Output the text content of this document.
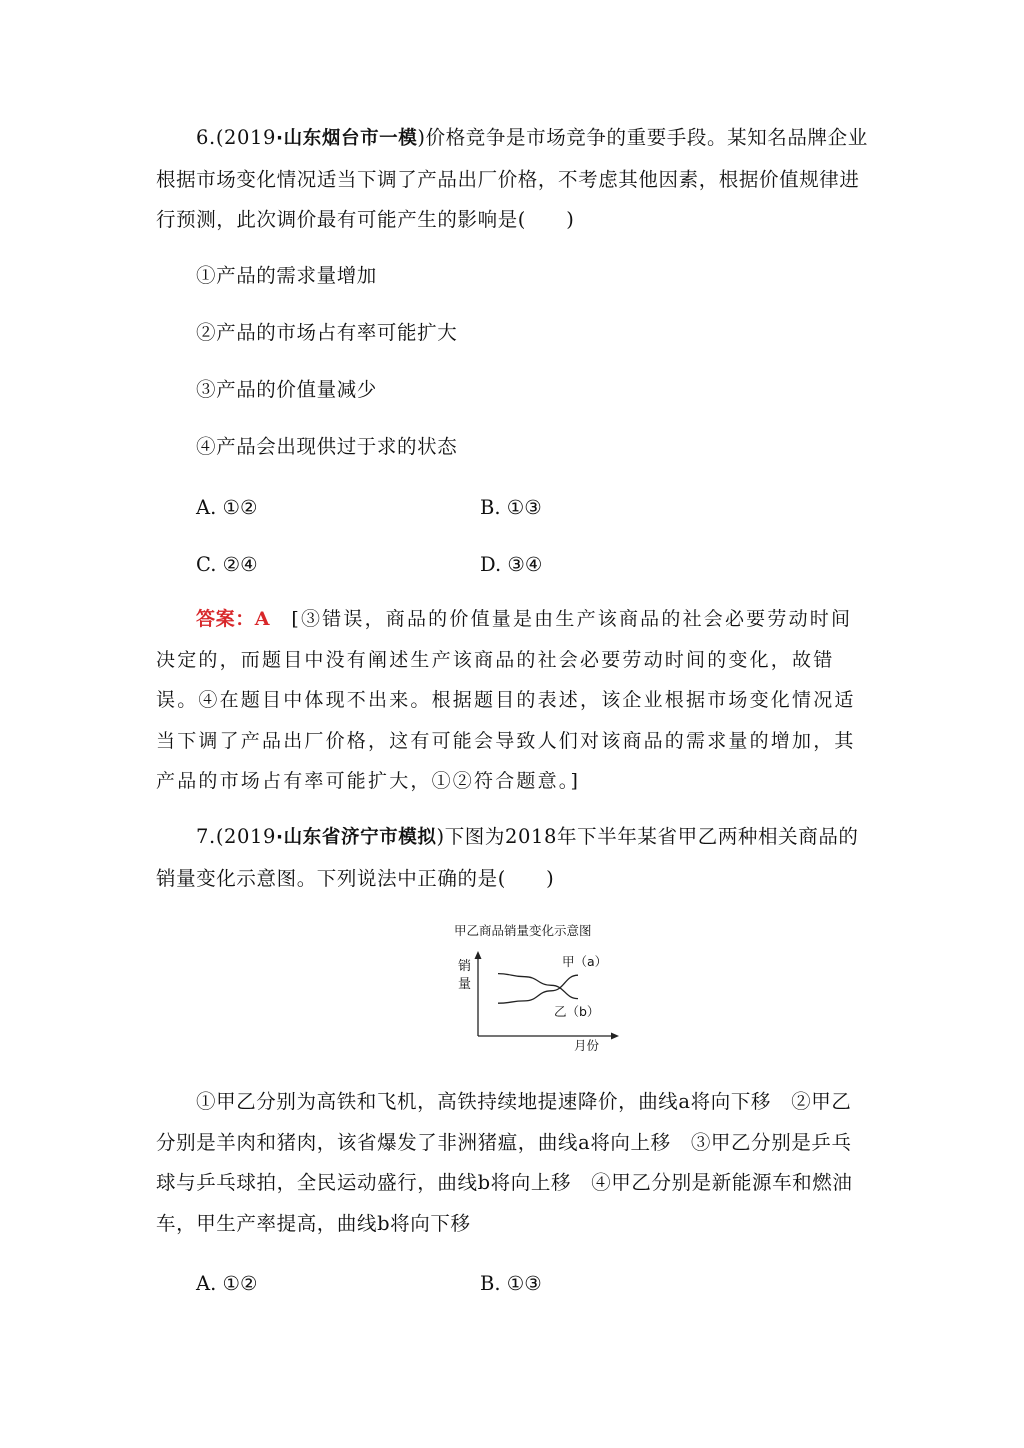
6.(2019·山东烟台市一模)价格竞争是市场竞争的重要手段。某知名品牌企业根据市场变化情况适当下调了产品出厂价格，不考虑其他因素，根据价值规律进行预测，此次调价最有可能产生的影响是(　　)
①产品的需求量增加
②产品的市场占有率可能扩大
③产品的价值量减少
④产品会出现供过于求的状态
A. ①②	B. ①③
C. ②④	D. ③④
答案：A　[③错误，商品的价值量是由生产该商品的社会必要劳动时间决定的，而题目中没有阐述生产该商品的社会必要劳动时间的变化，故错误。④在题目中体现不出来。根据题目的表述，该企业根据市场变化情况适当下调了产品出厂价格，这有可能会导致人们对该商品的需求量的增加，其产品的市场占有率可能扩大，①②符合题意。]
7.(2019·山东省济宁市模拟)下图为2018年下半年某省甲乙两种相关商品的销量变化示意图。下列说法中正确的是(　　)
甲乙商品销量变化示意图
销量
甲（a）
乙（b）
月份
①甲乙分别为高铁和飞机，高铁持续地提速降价，曲线a将向下移　②甲乙分别是羊肉和猪肉，该省爆发了非洲猪瘟，曲线a将向上移　③甲乙分别是乒乓球与乒乓球拍，全民运动盛行，曲线b将向上移　④甲乙分别是新能源车和燃油车，甲生产率提高，曲线b将向下移
A. ①②	B. ①③
